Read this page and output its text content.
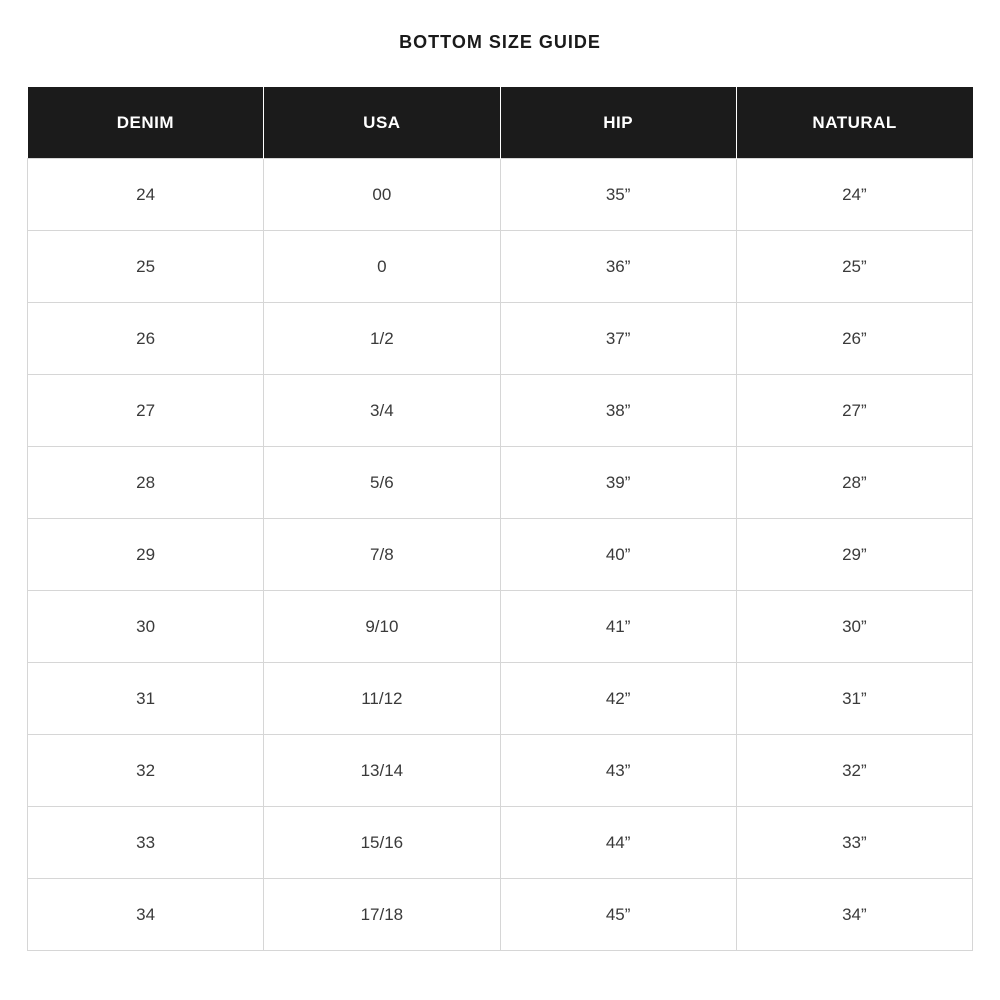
BOTTOM SIZE GUIDE
DENIM	USA	HIP	NATURAL
24	00	35”	24”
25	0	36”	25”
26	1/2	37”	26”
27	3/4	38”	27”
28	5/6	39”	28”
29	7/8	40”	29”
30	9/10	41”	30”
31	11/12	42”	31”
32	13/14	43”	32”
33	15/16	44”	33”
34	17/18	45”	34”
